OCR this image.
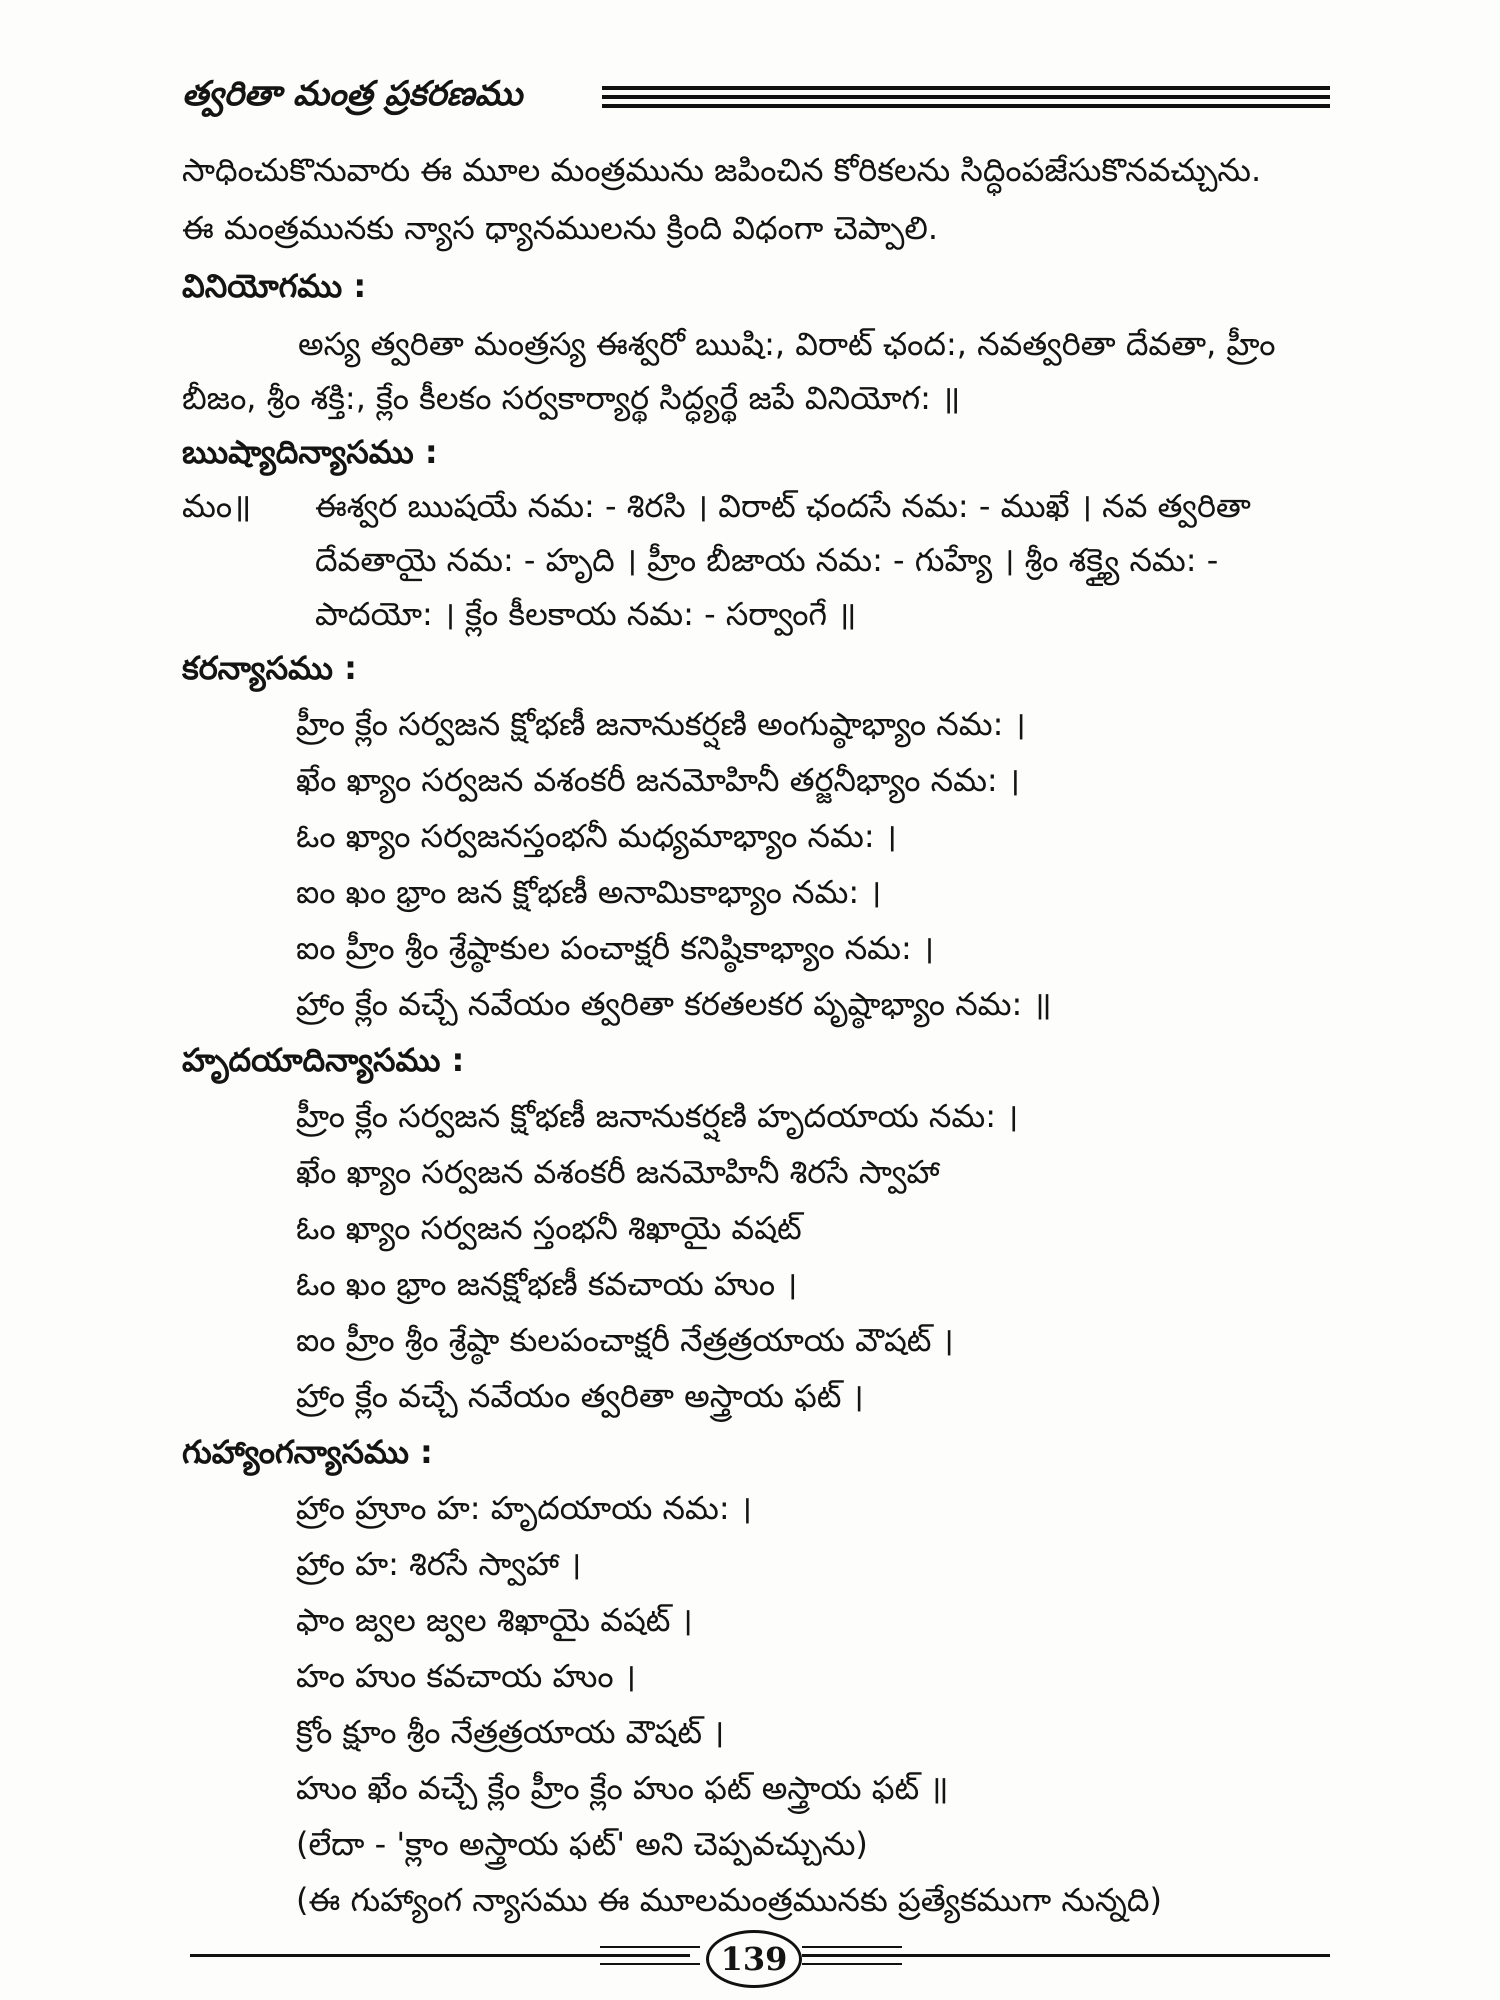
త్వరితా మంత్ర ప్రకరణము
సాధించుకొనువారు ఈ మూల మంత్రమును జపించిన కోరికలను సిద్ధింపజేసుకొనవచ్చును.
ఈ మంత్రమునకు న్యాస ధ్యానములను క్రింది విధంగా చెప్పాలి.
వినియోగము :
అస్య త్వరితా మంత్రస్య ఈశ్వరో ఋషి:, విరాట్ ఛంద:, నవత్వరితా దేవతా, హ్రీం
బీజం, శ్రీం శక్తి:, క్లేం కీలకం సర్వకార్యార్థ సిద్ధ్యర్థే జపే వినియోగ: ॥
ఋష్యాదిన్యాసము :
మం॥ ఈశ్వర ఋషయే నమ: - శిరసి । విరాట్ ఛందసే నమ: - ముఖే । నవ త్వరితా
దేవతాయై నమ: - హృది । హ్రీం బీజాయ నమ: - గుహ్యే । శ్రీం శక్త్యై నమ: -
పాదయో: । క్లేం కీలకాయ నమ: - సర్వాంగే ॥
కరన్యాసము :
హ్రీం క్లేం సర్వజన క్షోభణీ జనానుకర్షణి అంగుష్ఠాభ్యాం నమ: ।
ఖేం ఖ్యాం సర్వజన వశంకరీ జనమోహినీ తర్జనీభ్యాం నమ: ।
ఓం ఖ్యాం సర్వజనస్తంభనీ మధ్యమాభ్యాం నమ: ।
ఐం ఖం భ్రాం జన క్షోభణీ అనామికాభ్యాం నమ: ।
ఐం హ్రీం శ్రీం శ్రేష్ఠాకుల పంచాక్షరీ కనిష్ఠికాభ్యాం నమ: ।
హ్రాం క్లేం వచ్చే నవేయం త్వరితా కరతలకర పృష్ఠాభ్యాం నమ: ॥
హృదయాదిన్యాసము :
హ్రీం క్లేం సర్వజన క్షోభణీ జనానుకర్షణి హృదయాయ నమ: ।
ఖేం ఖ్యాం సర్వజన వశంకరీ జనమోహినీ శిరసే స్వాహా
ఓం ఖ్యాం సర్వజన స్తంభనీ శిఖాయై వషట్
ఓం ఖం భ్రాం జనక్షోభణీ కవచాయ హుం ।
ఐం హ్రీం శ్రీం శ్రేష్ఠా కులపంచాక్షరీ నేత్రత్రయాయ వౌషట్ ।
హ్రాం క్లేం వచ్చే నవేయం త్వరితా అస్త్రాయ ఫట్ ।
గుహ్యాంగన్యాసము :
హ్రాం హ్రూం హ: హృదయాయ నమ: ।
హ్రాం హ: శిరసే స్వాహా ।
ఫాం జ్వల జ్వల శిఖాయై వషట్ ।
హం హుం కవచాయ హుం ।
క్రోం క్షూం శ్రీం నేత్రత్రయాయ వౌషట్ ।
హుం ఖేం వచ్చే క్లేం హ్రీం క్లేం హుం ఫట్ అస్త్రాయ ఫట్ ॥
(లేదా - 'క్లాం అస్త్రాయ ఫట్' అని చెప్పవచ్చును)
(ఈ గుహ్యాంగ న్యాసము ఈ మూలమంత్రమునకు ప్రత్యేకముగా నున్నది)
139
